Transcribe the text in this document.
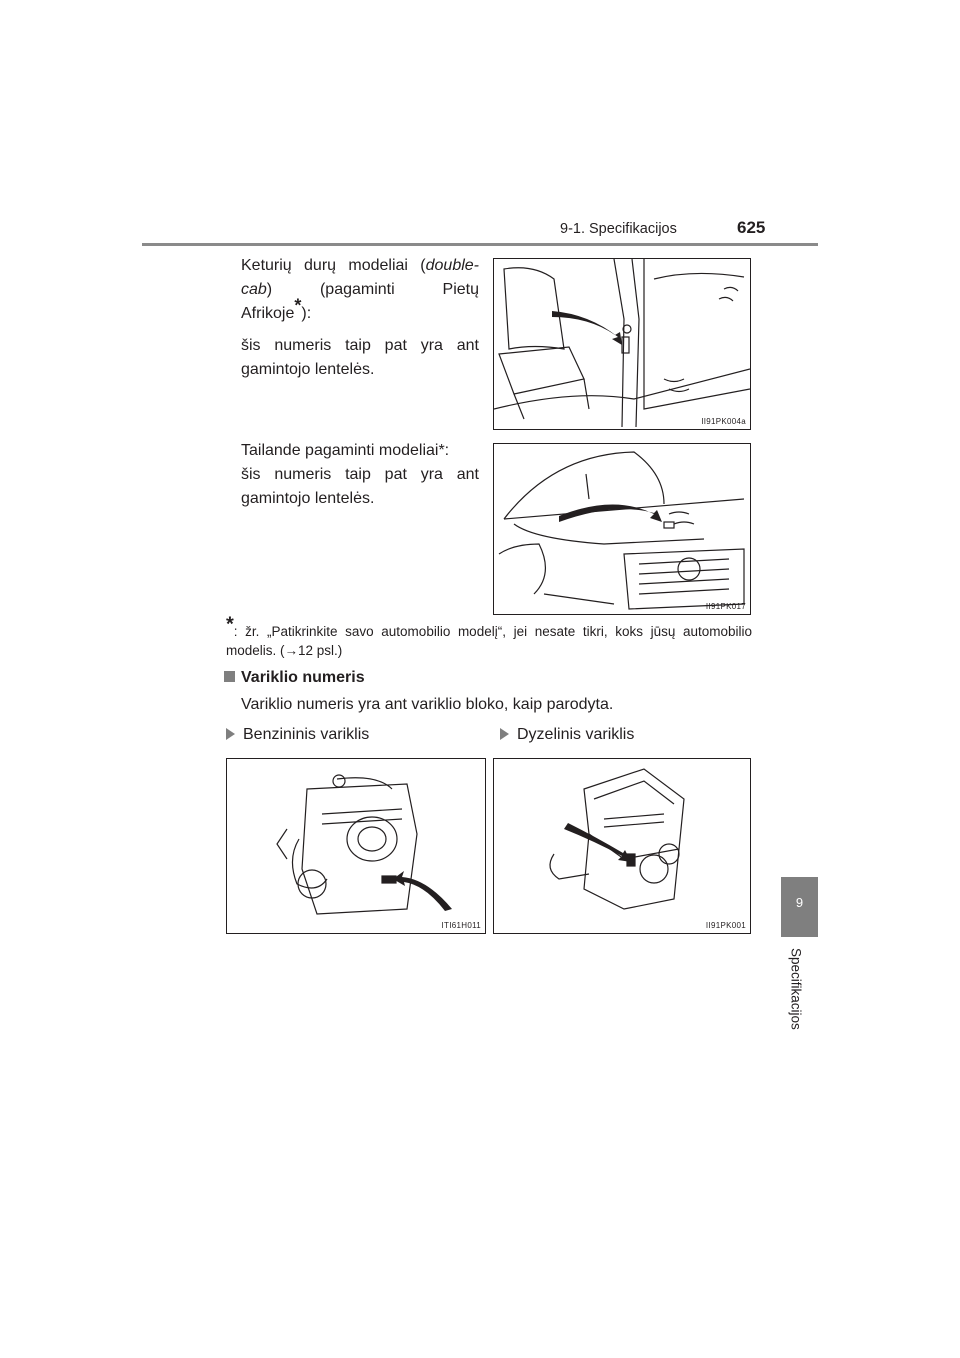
9-1. Specifikacijos	625
9
Specifikacijos
Keturių durų modeliai (double-
cab) (pagaminti Pietų
Afrikoje*):
šis numeris taip pat yra ant gamintojo lentelės.
II91PK004a
Tailande pagaminti modeliai*:
šis numeris taip pat yra ant gamintojo lentelės.
II91PK017
*: žr. „Patikrinkite savo automobilio modelį“, jei nesate tikri, koks jūsų automobilio modelis. (→12 psl.)
Variklio numeris
Variklio numeris yra ant variklio bloko, kaip parodyta.
Benzininis variklis	Dyzelinis variklis
ITI61H011	II91PK001
